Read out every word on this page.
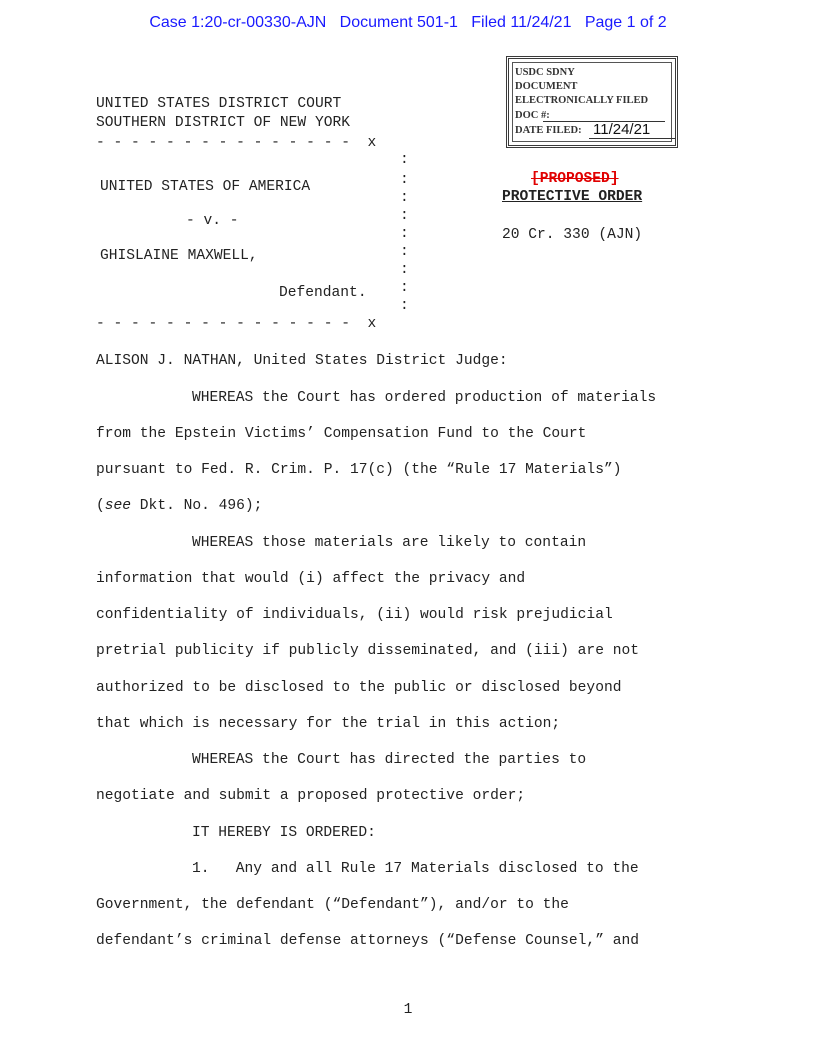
Case 1:20-cr-00330-AJN   Document 501-1   Filed 11/24/21   Page 1 of 2
USDC SDNY
DOCUMENT
ELECTRONICALLY FILED
DOC #:
DATE FILED: 11/24/21
UNITED STATES DISTRICT COURT
SOUTHERN DISTRICT OF NEW YORK
- - - - - - - - - - - - - - -  x
:
:
:
:
:
:
:
:
:
UNITED STATES OF AMERICA
- v. -
GHISLAINE MAXWELL,
Defendant.
- - - - - - - - - - - - - - -  x
[PROPOSED]
PROTECTIVE ORDER
20 Cr. 330 (AJN)
ALISON J. NATHAN, United States District Judge:
WHEREAS the Court has ordered production of materials
from the Epstein Victims’ Compensation Fund to the Court
pursuant to Fed. R. Crim. P. 17(c) (the “Rule 17 Materials”)
(see Dkt. No. 496);
WHEREAS those materials are likely to contain
information that would (i) affect the privacy and
confidentiality of individuals, (ii) would risk prejudicial
pretrial publicity if publicly disseminated, and (iii) are not
authorized to be disclosed to the public or disclosed beyond
that which is necessary for the trial in this action;
WHEREAS the Court has directed the parties to
negotiate and submit a proposed protective order;
IT HEREBY IS ORDERED:
1.   Any and all Rule 17 Materials disclosed to the
Government, the defendant (“Defendant”), and/or to the
defendant’s criminal defense attorneys (“Defense Counsel,” and
1
